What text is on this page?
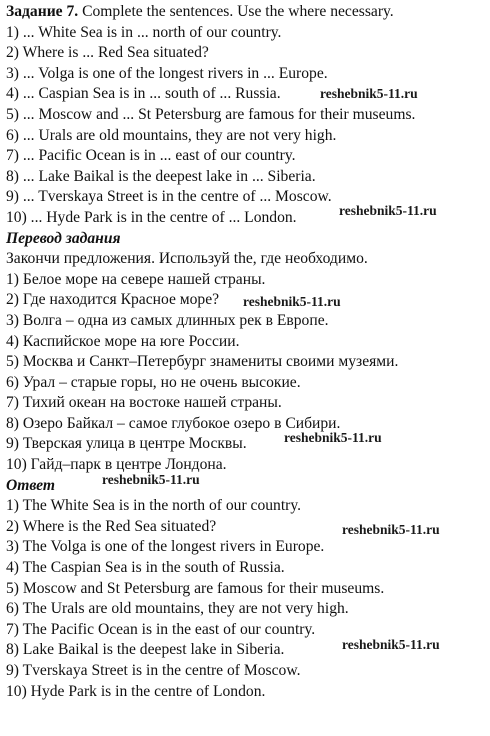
Задание 7. Complete the sentences. Use the where necessary.
1) ... White Sea is in ... north of our country.
2) Where is ... Red Sea situated?
3) ... Volga is one of the longest rivers in ... Europe.
4) ... Caspian Sea is in ... south of ... Russia.
5) ... Moscow and ... St Petersburg are famous for their museums.
6) ... Urals are old mountains, they are not very high.
7) ... Pacific Ocean is in ... east of our country.
8) ... Lake Baikal is the deepest lake in ... Siberia.
9) ... Tverskaya Street is in the centre of ... Moscow.
10) ... Hyde Park is in the centre of ... London.
Перевод задания
Закончи предложения. Используй the, где необходимо.
1) Белое море на севере нашей страны.
2) Где находится Красное море?
3) Волга – одна из самых длинных рек в Европе.
4) Каспийское море на юге России.
5) Москва и Санкт–Петербург знамениты своими музеями.
6) Урал – старые горы, но не очень высокие.
7) Тихий океан на востоке нашей страны.
8) Озеро Байкал – самое глубокое озеро в Сибири.
9) Тверская улица в центре Москвы.
10) Гайд–парк в центре Лондона.
Ответ
1) The White Sea is in the north of our country.
2) Where is the Red Sea situated?
3) The Volga is one of the longest rivers in Europe.
4) The Caspian Sea is in the south of Russia.
5) Moscow and St Petersburg are famous for their museums.
6) The Urals are old mountains, they are not very high.
7) The Pacific Ocean is in the east of our country.
8) Lake Baikal is the deepest lake in Siberia.
9) Tverskaya Street is in the centre of Moscow.
10) Hyde Park is in the centre of London.
reshebnik5-11.ru
reshebnik5-11.ru
reshebnik5-11.ru
reshebnik5-11.ru
reshebnik5-11.ru
reshebnik5-11.ru
reshebnik5-11.ru
